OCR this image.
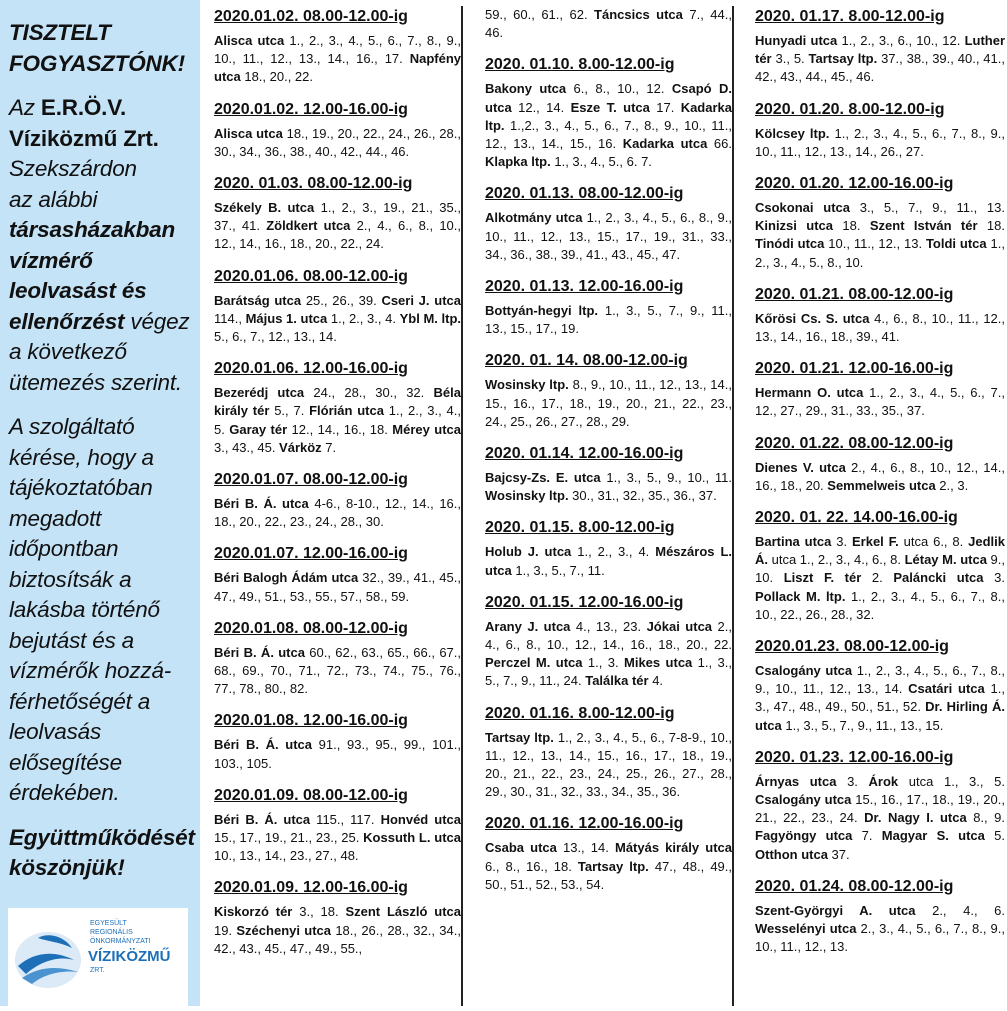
TISZTELT
FOGYASZTÓNK!
Az E.R.Ö.V.
Víziközmű Zrt.
Szekszárdon
az alábbi
társasházakban
vízmérő
leolvasást és
ellenőrzést végez
a következő
ütemezés szerint.
A szolgáltató
kérése, hogy a
tájékoztatóban
megadott
időpontban
biztosítsák a
lakásba történő
bejutást és a
vízmérők hozzá-
férhetőségét a
leolvasás
elősegítése
érdekében.
Együttműködését
köszönjük!
EGYESÜLT
REGIONÁLIS
ÖNKORMÁNYZATI
VÍZIKÖZMŰ
ZRT.
2020.01.02. 08.00-12.00-ig

Alisca utca 1., 2., 3., 4., 5., 6., 7., 8., 9., 10., 11., 12., 13., 14., 16., 17. Napfény utca 18., 20., 22.

2020.01.02. 12.00-16.00-ig

Alisca utca 18., 19., 20., 22., 24., 26., 28., 30., 34., 36., 38., 40., 42., 44., 46.

2020. 01.03. 08.00-12.00-ig

Székely B. utca 1., 2., 3., 19., 21., 35., 37., 41. Zöldkert utca 2., 4., 6., 8., 10., 12., 14., 16., 18., 20., 22., 24.

2020.01.06. 08.00-12.00-ig

Barátság utca 25., 26., 39. Cseri J. utca 114., Május 1. utca 1., 2., 3., 4. Ybl M. ltp. 5., 6., 7., 12., 13., 14.

2020.01.06. 12.00-16.00-ig

Bezerédj utca 24., 28., 30., 32. Béla király tér 5., 7. Flórián utca 1., 2., 3., 4., 5. Garay tér 12., 14., 16., 18. Mérey utca 3., 43., 45. Várköz 7.

2020.01.07. 08.00-12.00-ig

Béri B. Á. utca 4-6., 8-10., 12., 14., 16., 18., 20., 22., 23., 24., 28., 30.

2020.01.07. 12.00-16.00-ig

Béri Balogh Ádám utca 32., 39., 41., 45., 47., 49., 51., 53., 55., 57., 58., 59.

2020.01.08. 08.00-12.00-ig

Béri B. Á. utca 60., 62., 63., 65., 66., 67., 68., 69., 70., 71., 72., 73., 74., 75., 76., 77., 78., 80., 82.

2020.01.08. 12.00-16.00-ig

Béri B. Á. utca 91., 93., 95., 99., 101., 103., 105.

2020.01.09. 08.00-12.00-ig

Béri B. Á. utca 115., 117. Honvéd utca 15., 17., 19., 21., 23., 25. Kossuth L. utca 10., 13., 14., 23., 27., 48.

2020.01.09. 12.00-16.00-ig

Kiskorzó tér 3., 18. Szent László utca 19. Széchenyi utca 18., 26., 28., 32., 34., 42., 43., 45., 47., 49., 55.,

59., 60., 61., 62. Táncsics utca 7., 44., 46.

2020. 01.10. 8.00-12.00-ig

Bakony utca 6., 8., 10., 12. Csapó D. utca 12., 14. Esze T. utca 17. Kadarka ltp. 1.,2., 3., 4., 5., 6., 7., 8., 9., 10., 11., 12., 13., 14., 15., 16. Kadarka utca 66. Klapka ltp. 1., 3., 4., 5., 6. 7.

2020. 01.13. 08.00-12.00-ig

Alkotmány utca 1., 2., 3., 4., 5., 6., 8., 9., 10., 11., 12., 13., 15., 17., 19., 31., 33., 34., 36., 38., 39., 41., 43., 45., 47.

2020. 01.13. 12.00-16.00-ig

Bottyán-hegyi ltp. 1., 3., 5., 7., 9., 11., 13., 15., 17., 19.

2020. 01. 14. 08.00-12.00-ig

Wosinsky ltp. 8., 9., 10., 11., 12., 13., 14., 15., 16., 17., 18., 19., 20., 21., 22., 23., 24., 25., 26., 27., 28., 29.

2020. 01.14. 12.00-16.00-ig

Bajcsy-Zs. E. utca 1., 3., 5., 9., 10., 11. Wosinsky ltp. 30., 31., 32., 35., 36., 37.

2020. 01.15. 8.00-12.00-ig

Holub J. utca 1., 2., 3., 4. Mészáros L. utca 1., 3., 5., 7., 11.

2020. 01.15. 12.00-16.00-ig

Arany J. utca 4., 13., 23. Jókai utca 2., 4., 6., 8., 10., 12., 14., 16., 18., 20., 22. Perczel M. utca 1., 3. Mikes utca 1., 3., 5., 7., 9., 11., 24. Találka tér 4.

2020. 01.16. 8.00-12.00-ig

Tartsay ltp. 1., 2., 3., 4., 5., 6., 7-8-9., 10., 11., 12., 13., 14., 15., 16., 17., 18., 19., 20., 21., 22., 23., 24., 25., 26., 27., 28., 29., 30., 31., 32., 33., 34., 35., 36.

2020. 01.16. 12.00-16.00-ig

Csaba utca 13., 14. Mátyás király utca 6., 8., 16., 18. Tartsay ltp. 47., 48., 49., 50., 51., 52., 53., 54.

2020. 01.17. 8.00-12.00-ig

Hunyadi utca 1., 2., 3., 6., 10., 12. Luther tér 3., 5. Tartsay ltp. 37., 38., 39., 40., 41., 42., 43., 44., 45., 46.

2020. 01.20. 8.00-12.00-ig

Kölcsey ltp. 1., 2., 3., 4., 5., 6., 7., 8., 9., 10., 11., 12., 13., 14., 26., 27.

2020. 01.20. 12.00-16.00-ig

Csokonai utca 3., 5., 7., 9., 11., 13. Kinizsi utca 18. Szent István tér 18. Tinódi utca 10., 11., 12., 13. Toldi utca 1., 2., 3., 4., 5., 8., 10.

2020. 01.21. 08.00-12.00-ig

Kőrösi Cs. S. utca 4., 6., 8., 10., 11., 12., 13., 14., 16., 18., 39., 41.

2020. 01.21. 12.00-16.00-ig

Hermann O. utca 1., 2., 3., 4., 5., 6., 7., 12., 27., 29., 31., 33., 35., 37.

2020. 01.22. 08.00-12.00-ig

Dienes V. utca 2., 4., 6., 8., 10., 12., 14., 16., 18., 20. Semmelweis utca 2., 3.

2020. 01. 22. 14.00-16.00-ig

Bartina utca 3. Erkel F. utca 6., 8. Jedlik Á. utca 1., 2., 3., 4., 6., 8. Létay M. utca 9., 10. Liszt F. tér 2. Paláncki utca 3. Pollack M. ltp. 1., 2., 3., 4., 5., 6., 7., 8., 10., 22., 26., 28., 32.

2020.01.23. 08.00-12.00-ig

Csalogány utca 1., 2., 3., 4., 5., 6., 7., 8., 9., 10., 11., 12., 13., 14. Csatári utca 1., 3., 47., 48., 49., 50., 51., 52. Dr. Hirling Á. utca 1., 3., 5., 7., 9., 11., 13., 15.

2020. 01.23. 12.00-16.00-ig

Árnyas utca 3. Árok utca 1., 3., 5. Csalogány utca 15., 16., 17., 18., 19., 20., 21., 22., 23., 24. Dr. Nagy I. utca 8., 9. Fagyöngy utca 7. Magyar S. utca 5. Otthon utca 37.

2020. 01.24. 08.00-12.00-ig

Szent-Györgyi A. utca 2., 4., 6. Wesselényi utca 2., 3., 4., 5., 6., 7., 8., 9., 10., 11., 12., 13.
